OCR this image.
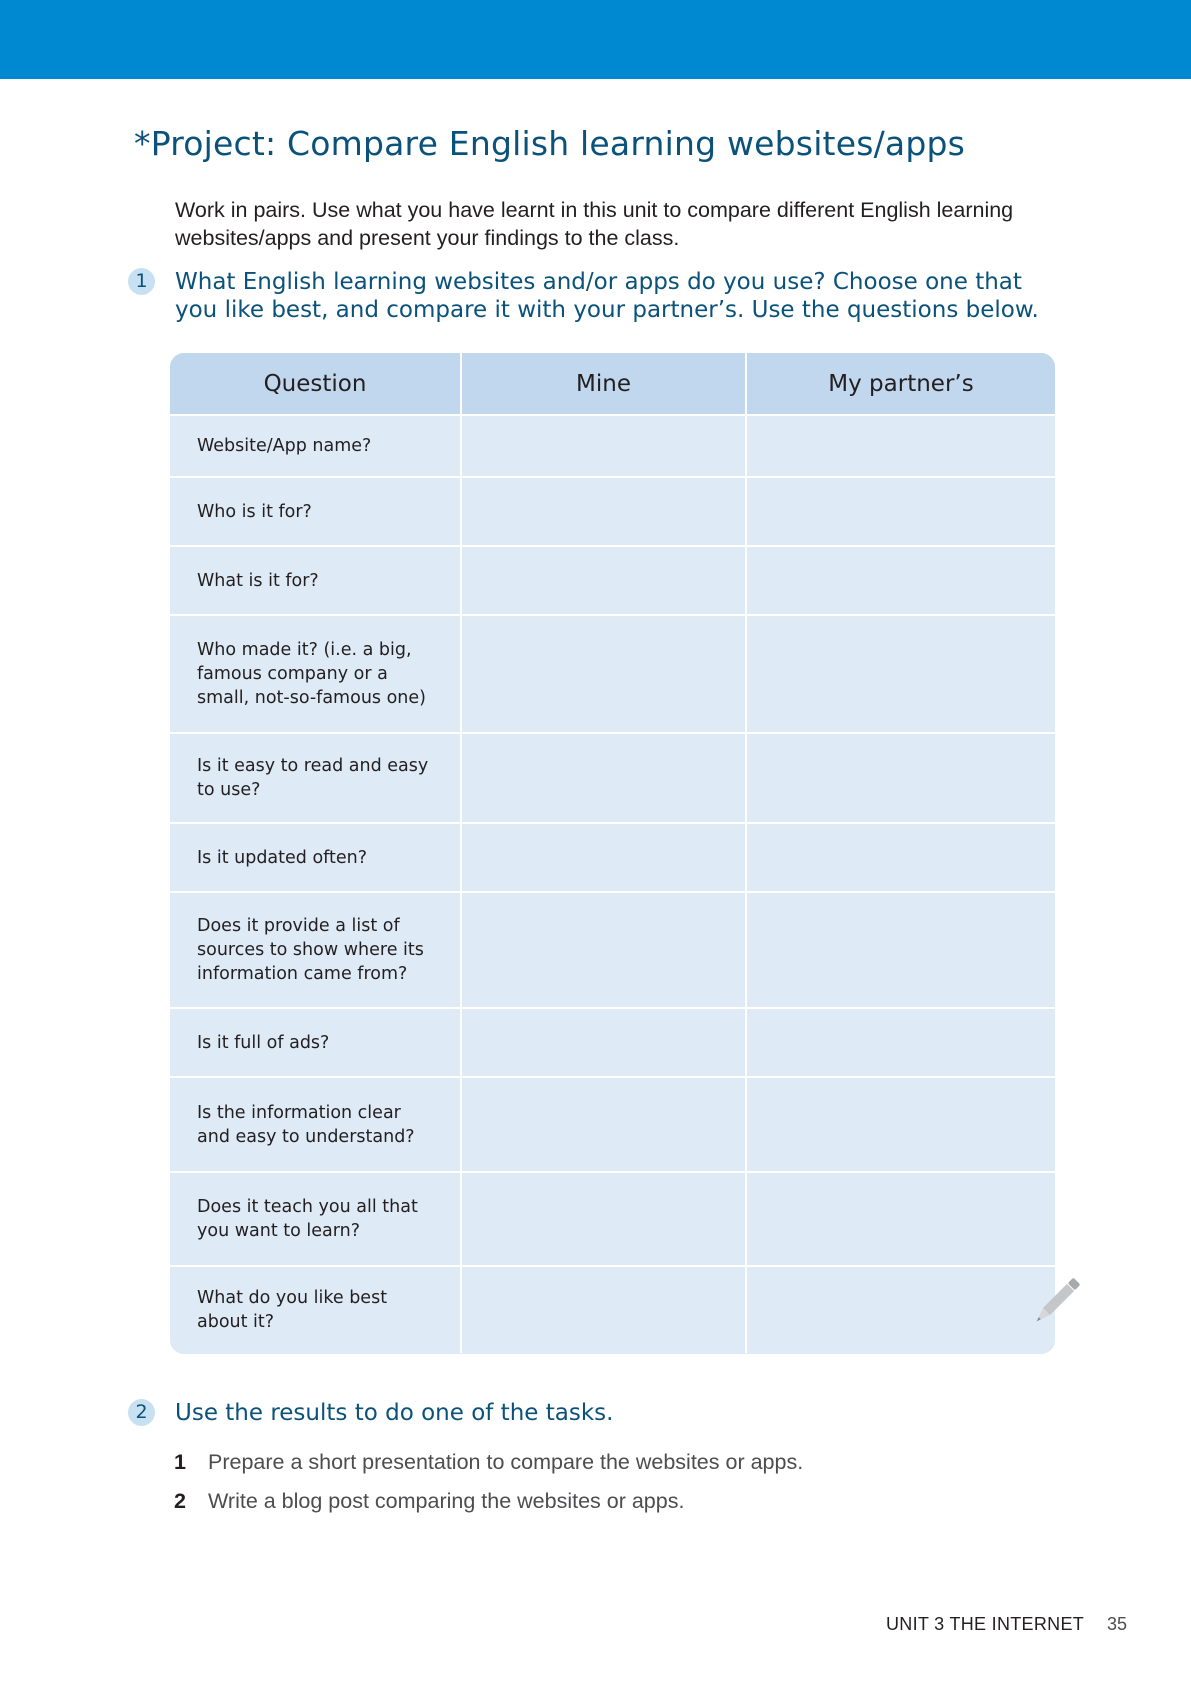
*Project: Compare English learning websites/apps

Work in pairs. Use what you have learnt in this unit to compare different English learning websites/apps and present your findings to the class.

1	What English learning websites and/or apps do you use? Choose one that
you like best, and compare it with your partner’s. Use the questions below.

Question	Mine	My partner’s
Website/App name?		
Who is it for?		
What is it for?		
Who made it? (i.e. a big,
famous company or a
small, not-so-famous one)		
Is it easy to read and easy
to use?		
Is it updated often?		
Does it provide a list of
sources to show where its
information came from?		
Is it full of ads?		
Is the information clear
and easy to understand?		
Does it teach you all that
you want to learn?		
What do you like best
about it?		
2	Use the results to do one of the tasks.

1 Prepare a short presentation to compare the websites or apps.

2 Write a blog post comparing the websites or apps.

UNIT 3 THE INTERNET 35
